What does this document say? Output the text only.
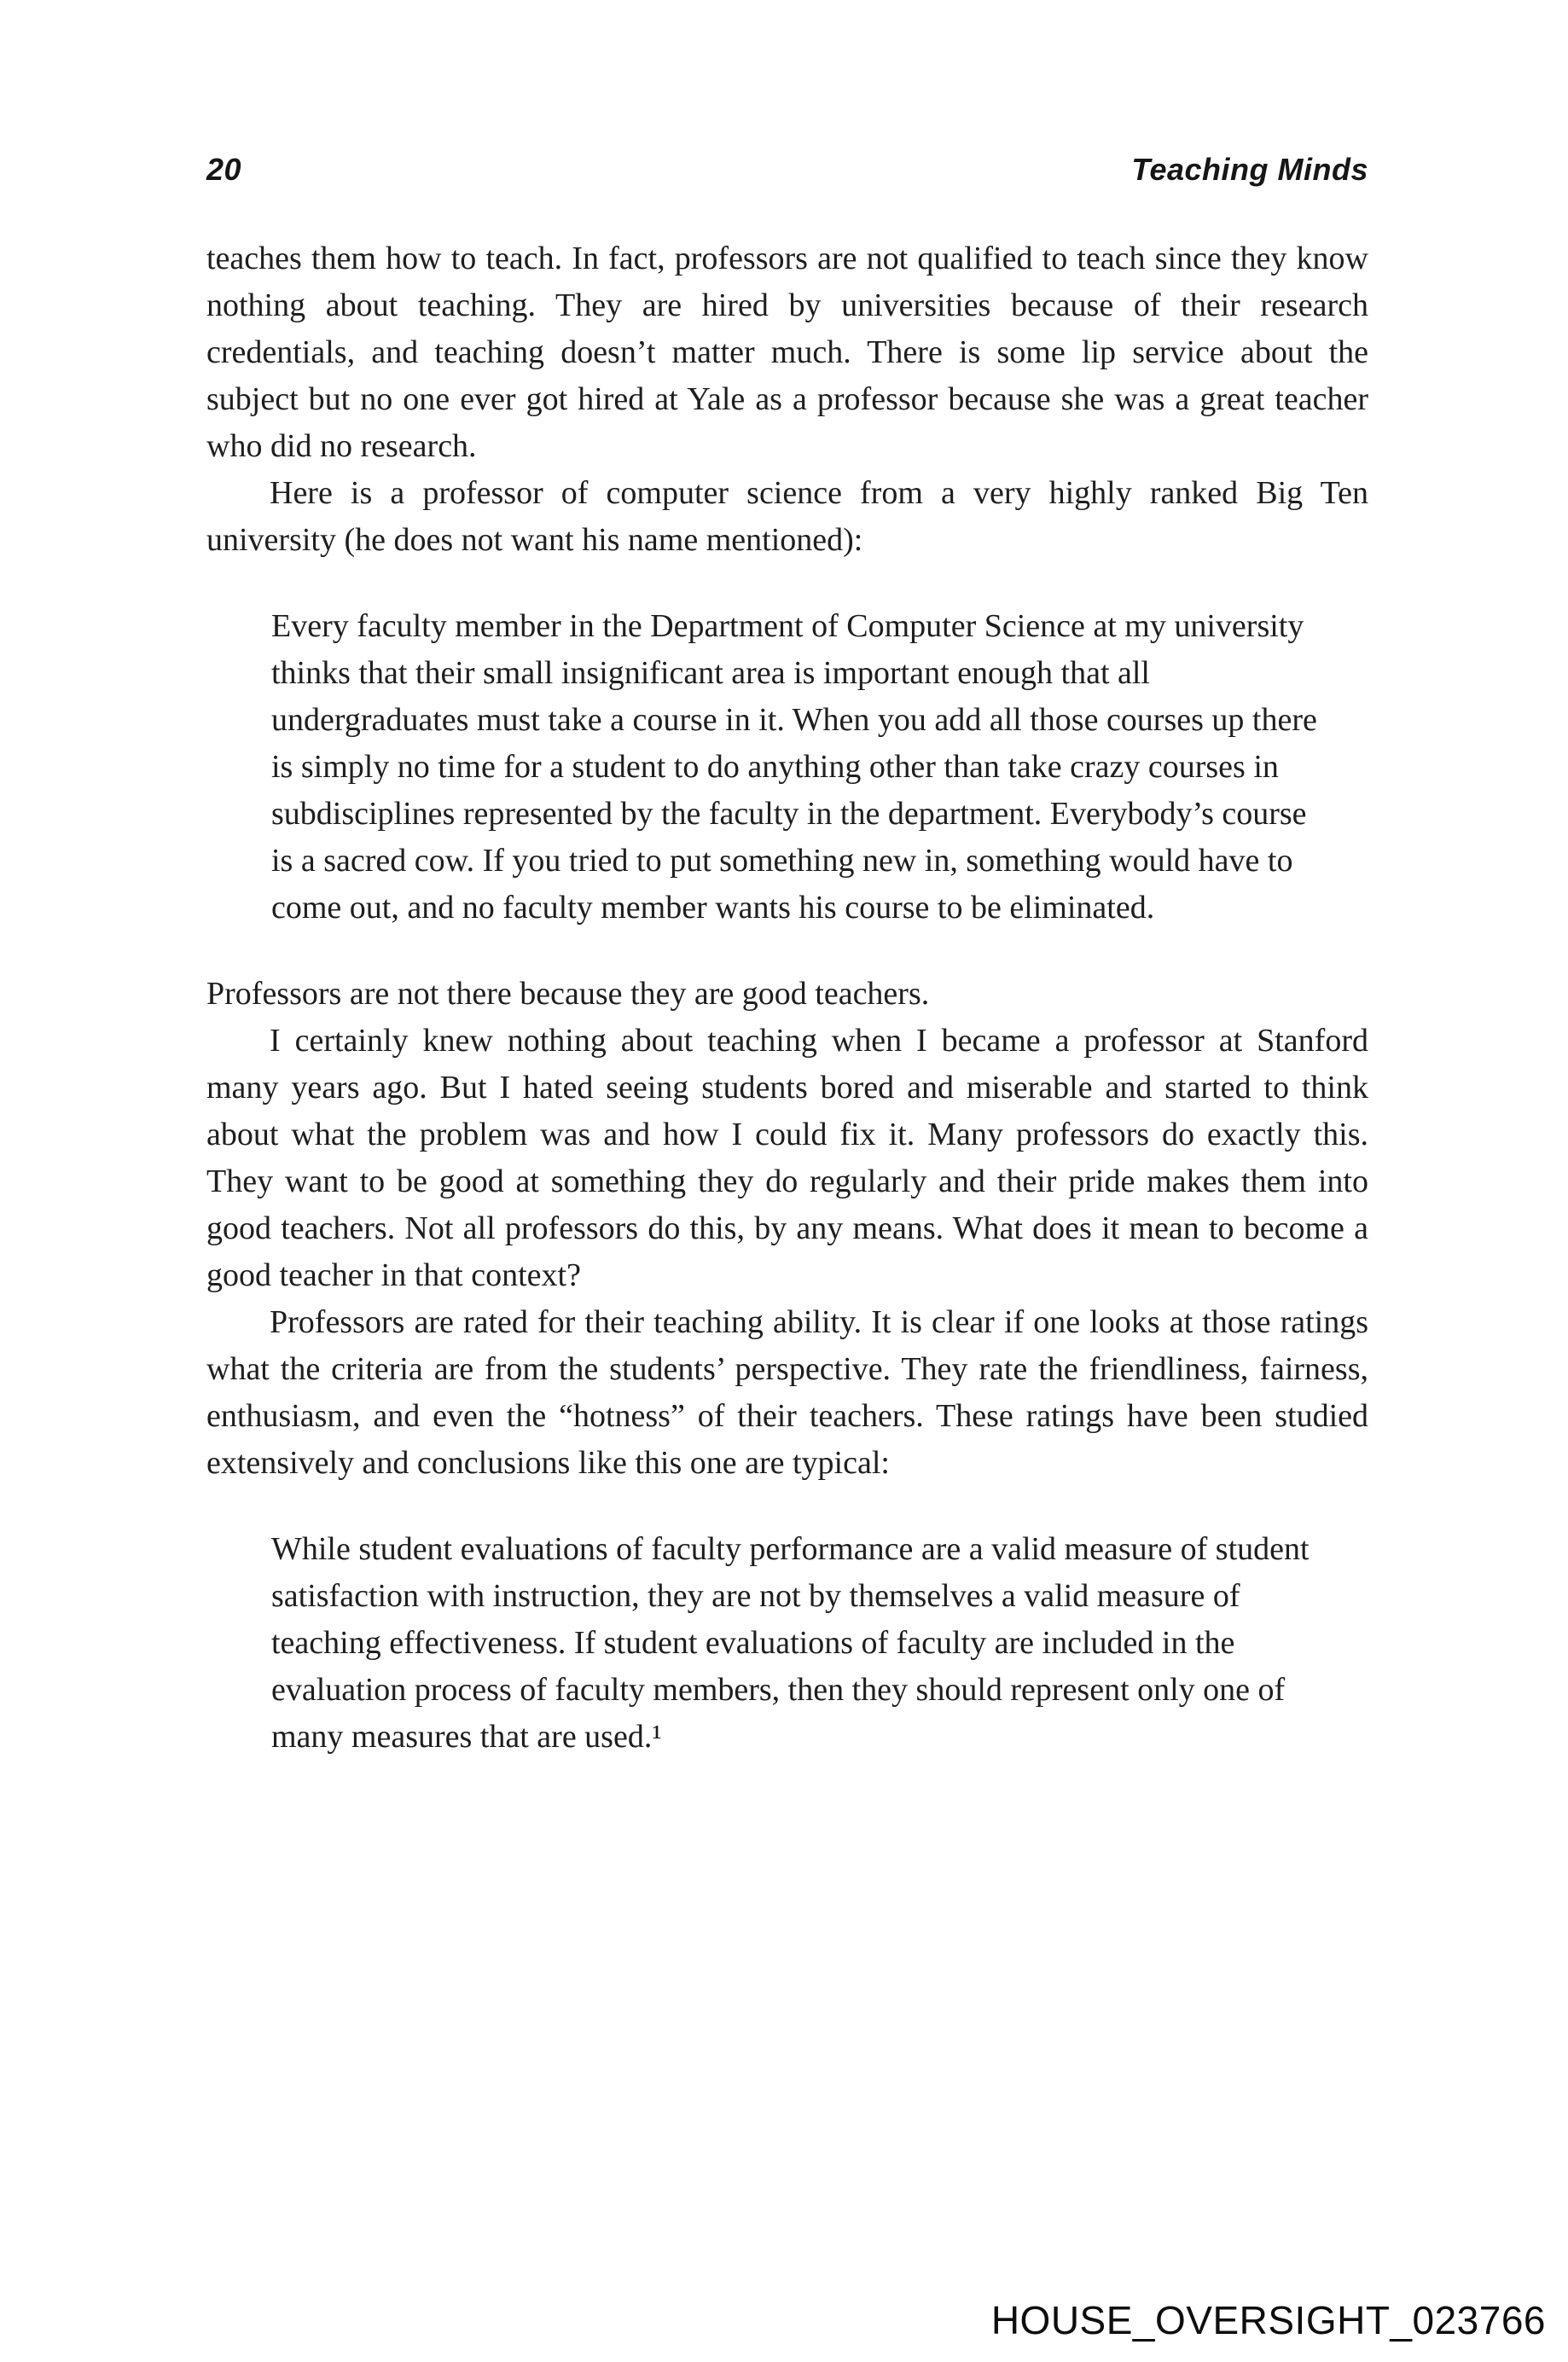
20	Teaching Minds

teaches them how to teach. In fact, professors are not qualified to teach since they know nothing about teaching. They are hired by universities because of their research credentials, and teaching doesn’t matter much. There is some lip service about the subject but no one ever got hired at Yale as a professor because she was a great teacher who did no research.

Here is a professor of computer science from a very highly ranked Big Ten university (he does not want his name mentioned):

Every faculty member in the Department of Computer Science at my university thinks that their small insignificant area is important enough that all undergraduates must take a course in it. When you add all those courses up there is simply no time for a student to do anything other than take crazy courses in subdisciplines represented by the faculty in the department. Everybody’s course is a sacred cow. If you tried to put something new in, something would have to come out, and no faculty member wants his course to be eliminated.

Professors are not there because they are good teachers.

I certainly knew nothing about teaching when I became a professor at Stanford many years ago. But I hated seeing students bored and miserable and started to think about what the problem was and how I could fix it. Many professors do exactly this. They want to be good at something they do regularly and their pride makes them into good teachers. Not all professors do this, by any means. What does it mean to become a good teacher in that context?

Professors are rated for their teaching ability. It is clear if one looks at those ratings what the criteria are from the students’ perspective. They rate the friendliness, fairness, enthusiasm, and even the “hotness” of their teachers. These ratings have been studied extensively and conclusions like this one are typical:

While student evaluations of faculty performance are a valid measure of student satisfaction with instruction, they are not by themselves a valid measure of teaching effectiveness. If student evaluations of faculty are included in the evaluation process of faculty members, then they should represent only one of many measures that are used.¹
HOUSE_OVERSIGHT_023766
